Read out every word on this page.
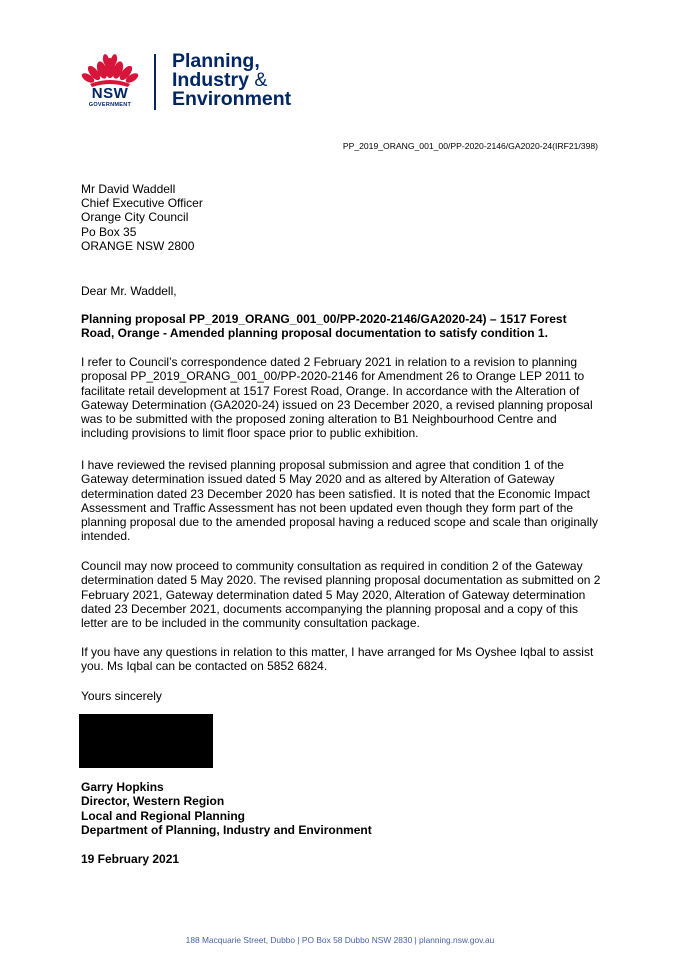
NSW
GOVERNMENT
Planning,
Industry &
Environment
PP_2019_ORANG_001_00/PP-2020-2146/GA2020-24(IRF21/398)
Mr David Waddell
Chief Executive Officer
Orange City Council
Po Box 35
ORANGE NSW 2800
Dear Mr. Waddell,
Planning proposal PP_2019_ORANG_001_00/PP-2020-2146/GA2020-24) – 1517 Forest Road, Orange - Amended planning proposal documentation to satisfy condition 1.
I refer to Council’s correspondence dated 2 February 2021 in relation to a revision to planning proposal PP_2019_ORANG_001_00/PP-2020-2146 for Amendment 26 to Orange LEP 2011 to facilitate retail development at 1517 Forest Road, Orange. In accordance with the Alteration of Gateway Determination (GA2020-24) issued on 23 December 2020, a revised planning proposal was to be submitted with the proposed zoning alteration to B1 Neighbourhood Centre and including provisions to limit floor space prior to public exhibition.
I have reviewed the revised planning proposal submission and agree that condition 1 of the Gateway determination issued dated 5 May 2020 and as altered by Alteration of Gateway determination dated 23 December 2020 has been satisfied. It is noted that the Economic Impact Assessment and Traffic Assessment has not been updated even though they form part of the planning proposal due to the amended proposal having a reduced scope and scale than originally intended.
Council may now proceed to community consultation as required in condition 2 of the Gateway determination dated 5 May 2020. The revised planning proposal documentation as submitted on 2 February 2021, Gateway determination dated 5 May 2020, Alteration of Gateway determination dated 23 December 2021, documents accompanying the planning proposal and a copy of this letter are to be included in the community consultation package.
If you have any questions in relation to this matter, I have arranged for Ms Oyshee Iqbal to assist you. Ms Iqbal can be contacted on 5852 6824.
Yours sincerely
Garry Hopkins
Director, Western Region
Local and Regional Planning
Department of Planning, Industry and Environment
19 February 2021
188 Macquarie Street, Dubbo | PO Box 58 Dubbo NSW 2830 | planning.nsw.gov.au
